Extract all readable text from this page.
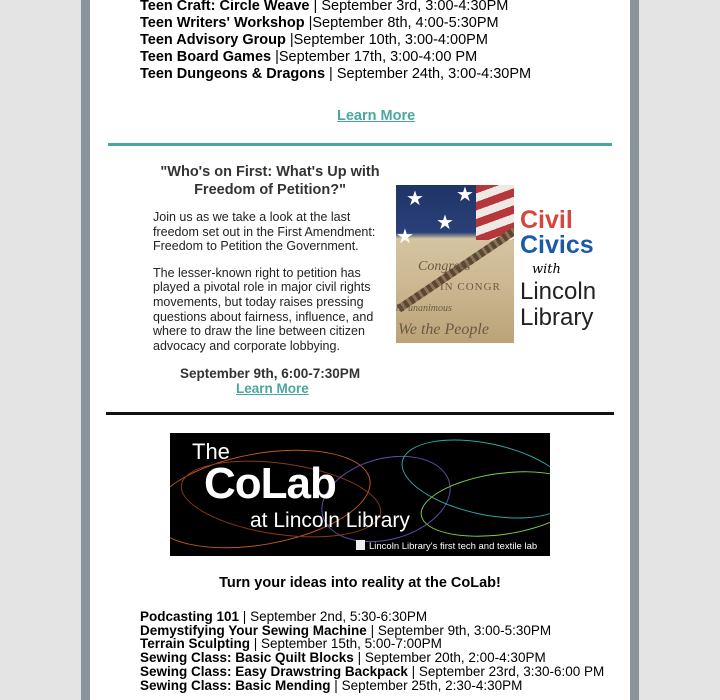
Teen Craft: Circle Weave | September 3rd, 3:00-4:30PM
Teen Writers' Workshop |September 8th, 4:00-5:30PM
Teen Advisory Group |September 10th, 3:00-4:00PM
Teen Board Games |September 17th, 3:00-4:00 PM
Teen Dungeons & Dragons | September 24th, 3:00-4:30PM
Learn More
"Who's on First: What's Up with Freedom of Petition?"

Join us as we take a look at the last freedom set out in the First Amendment: Freedom to Petition the Government.

The lesser-known right to petition has played a pivotal role in major civil rights movements, but today raises pressing questions about fairness, influence, and where to draw the line between citizen advocacy and corporate lobbying.

September 9th, 6:00-7:30PM
Learn More
★ ★
★
★
Congress
IN CONGR
he unanimous
We the People
Civil
Civics
with
Lincoln
Library
The
CoLab
at Lincoln Library
Lincoln Library's first tech and textile lab
Turn your ideas into reality at the CoLab!
Podcasting 101 | September 2nd, 5:30-6:30PM
Demystifying Your Sewing Machine | September 9th, 3:00-5:30PM
Terrain Sculpting | September 15th, 5:00-7:00PM
Sewing Class: Basic Quilt Blocks | September 20th, 2:00-4:30PM
Sewing Class: Easy Drawstring Backpack | September 23rd, 3:30-6:00 PM
Sewing Class: Basic Mending | September 25th, 2:30-4:30PM
